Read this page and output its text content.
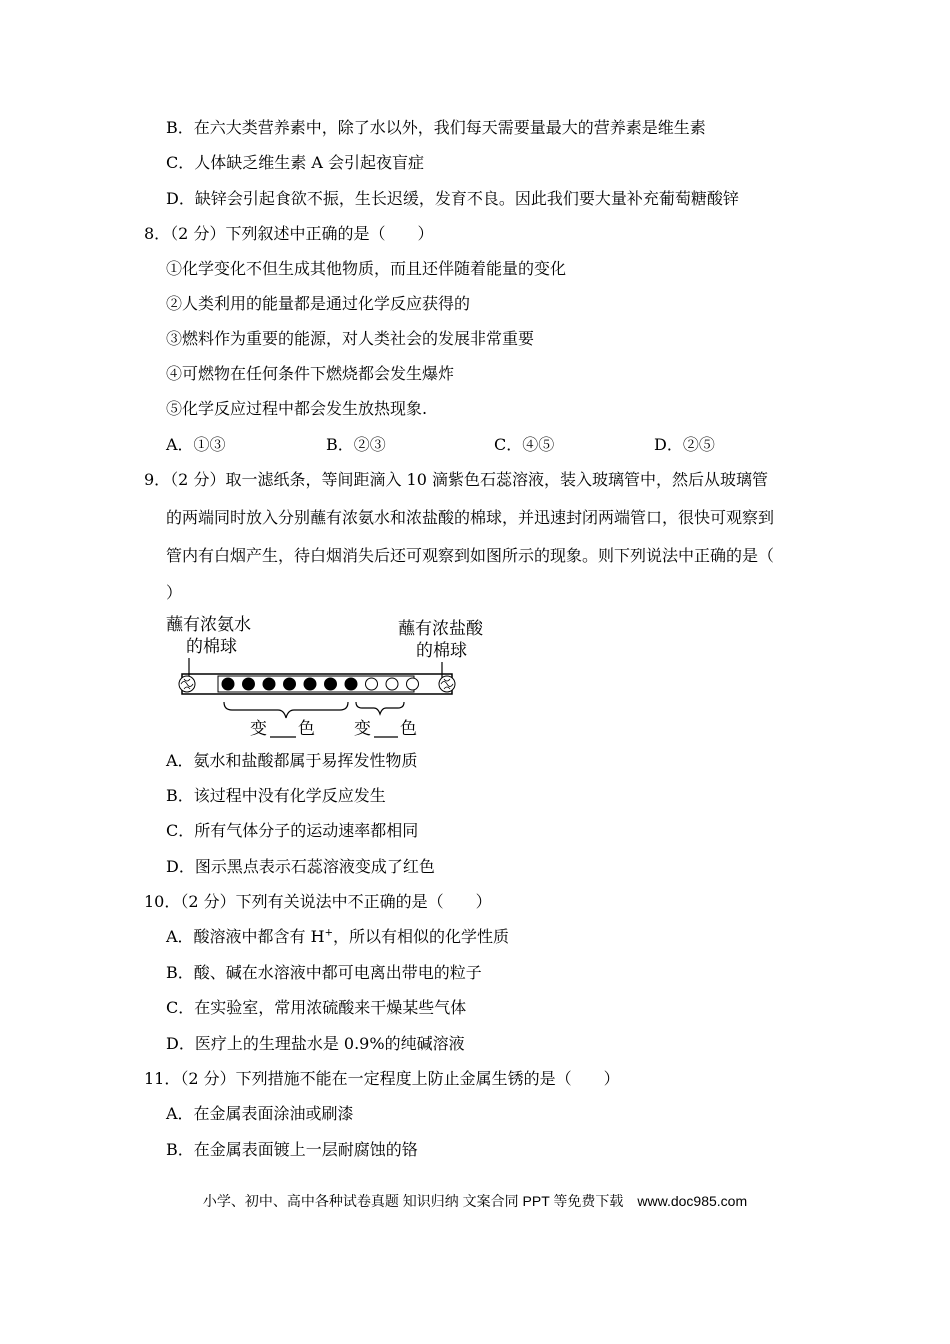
B．在六大类营养素中，除了水以外，我们每天需要量最大的营养素是维生素
C．人体缺乏维生素 A 会引起夜盲症
D．缺锌会引起食欲不振，生长迟缓，发育不良。因此我们要大量补充葡萄糖酸锌
8．（2 分）下列叙述中正确的是（　　）
①化学变化不但生成其他物质，而且还伴随着能量的变化
②人类利用的能量都是通过化学反应获得的
③燃料作为重要的能源，对人类社会的发展非常重要
④可燃物在任何条件下燃烧都会发生爆炸
⑤化学反应过程中都会发生放热现象.
A．①③	B．②③	C．④⑤	D．②⑤
9．（2 分）取一滤纸条，等间距滴入 10 滴紫色石蕊溶液，装入玻璃管中，然后从玻璃管
的两端同时放入分别蘸有浓氨水和浓盐酸的棉球，并迅速封闭两端管口，很快可观察到
管内有白烟产生，待白烟消失后还可观察到如图所示的现象。则下列说法中正确的是（
）
蘸有浓氨水
的棉球
蘸有浓盐酸
的棉球
变 色 变 色
A．氨水和盐酸都属于易挥发性物质
B．该过程中没有化学反应发生
C．所有气体分子的运动速率都相同
D．图示黑点表示石蕊溶液变成了红色
10．（2 分）下列有关说法中不正确的是（　　）
A．酸溶液中都含有 H+，所以有相似的化学性质
B．酸、碱在水溶液中都可电离出带电的粒子
C．在实验室，常用浓硫酸来干燥某些气体
D．医疗上的生理盐水是 0.9%的纯碱溶液
11．（2 分）下列措施不能在一定程度上防止金属生锈的是（　　）
A．在金属表面涂油或刷漆
B．在金属表面镀上一层耐腐蚀的铬
小学、初中、高中各种试卷真题 知识归纳 文案合同 PPT 等免费下载　www.doc985.com
